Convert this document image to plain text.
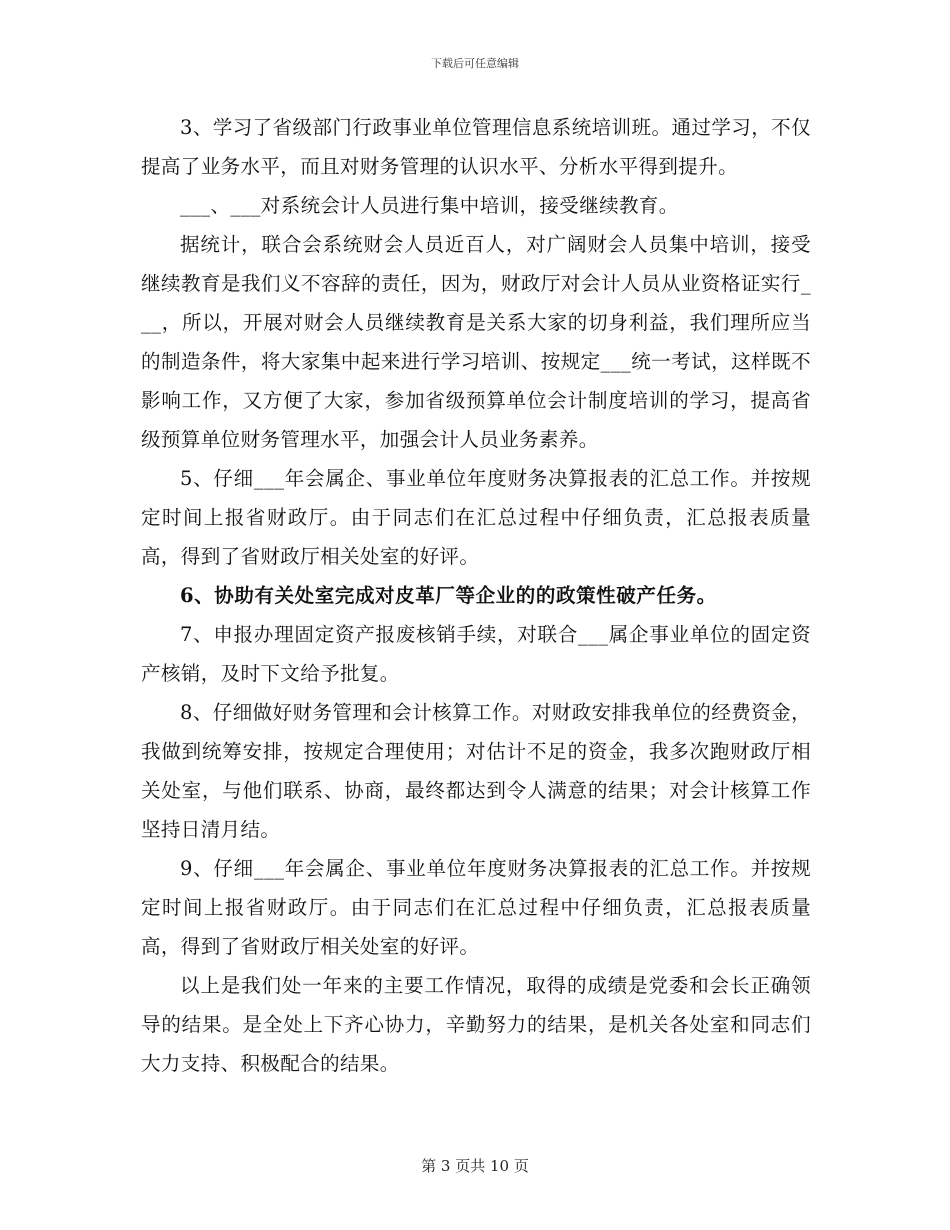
下载后可任意编辑

3、学习了省级部门行政事业单位管理信息系统培训班。通过学习，不仅提高了业务水平，而且对财务管理的认识水平、分析水平得到提升。

___、___对系统会计人员进行集中培训，接受继续教育。

据统计，联合会系统财会人员近百人，对广阔财会人员集中培训，接受继续教育是我们义不容辞的责任，因为，财政厅对会计人员从业资格证实行___，所以，开展对财会人员继续教育是关系大家的切身利益，我们理所应当的制造条件，将大家集中起来进行学习培训、按规定___统一考试，这样既不影响工作，又方便了大家，参加省级预算单位会计制度培训的学习，提高省级预算单位财务管理水平，加强会计人员业务素养。

5、仔细___年会属企、事业单位年度财务决算报表的汇总工作。并按规定时间上报省财政厅。由于同志们在汇总过程中仔细负责，汇总报表质量高，得到了省财政厅相关处室的好评。

6、协助有关处室完成对皮革厂等企业的的政策性破产任务。

7、申报办理固定资产报废核销手续，对联合___属企事业单位的固定资产核销，及时下文给予批复。

8、仔细做好财务管理和会计核算工作。对财政安排我单位的经费资金，我做到统筹安排，按规定合理使用；对估计不足的资金，我多次跑财政厅相关处室，与他们联系、协商，最终都达到令人满意的结果；对会计核算工作坚持日清月结。

9、仔细___年会属企、事业单位年度财务决算报表的汇总工作。并按规定时间上报省财政厅。由于同志们在汇总过程中仔细负责，汇总报表质量高，得到了省财政厅相关处室的好评。

以上是我们处一年来的主要工作情况，取得的成绩是党委和会长正确领导的结果。是全处上下齐心协力，辛勤努力的结果，是机关各处室和同志们大力支持、积极配合的结果。

第 3 页共 10 页
